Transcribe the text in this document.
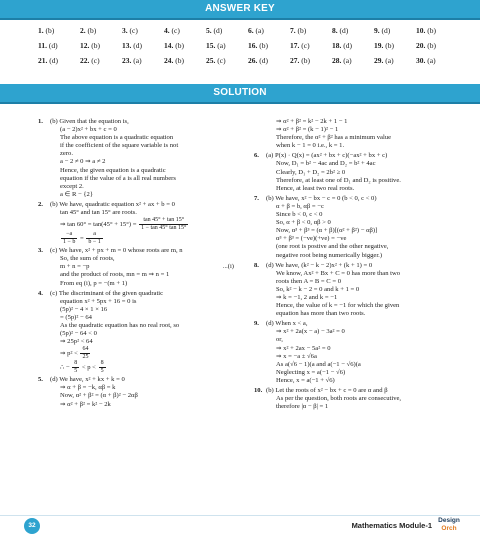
ANSWER KEY
1. (b)	2. (b)	3. (c)	4. (c)	5. (d)	6. (a)	7. (b)	8. (d)	9. (d)	10. (b)
11. (d)	12. (b)	13. (d)	14. (b)	15. (a)	16. (b)	17. (c)	18. (d)	19. (b)	20. (b)
21. (d)	22. (c)	23. (a)	24. (b)	25. (c)	26. (d)	27. (b)	28. (a)	29. (a)	30. (a)
SOLUTION
1. (b) Given that the equation is,
(a − 2)x² + bx + c = 0
The above equation is a quadratic equation
if the coefficient of the square variable is not
zero.
a − 2 ≠ 0 ⇒ a ≠ 2
Hence, the given equation is a quadratic
equation if the value of a is all real numbers
except 2.
a ∈ R − {2}
2. (b) We have, quadratic equation x² + ax + b = 0
tan 45° and tan 15° are roots.
⇒ $\tan 60^\circ = \tan(45^\circ + 15^\circ) = \frac{\tan 45^\circ + \tan 15^\circ}{1 - \tan 45^\circ \tan 15^\circ}$
$\frac{-a}{1 - b} = \frac{a}{b - 1}$
3. (c) We have, x² + px + m = 0 whose roots are m, n
So, the sum of roots,
m + n = −p	...(i)
and the product of roots, mn = m ⇒ n = 1
From eq (i), p = −(m + 1)
4. (c) The discriminant of the given quadratic
equation x² + 5px + 16 = 0 is
(5p)² − 4 × 1 × 16
= (5p)² − 64
As the quadratic equation has no real root, so
(5p)² − 64 < 0
⇒ 25p² < 64
⇒ $p^2 < \frac{64}{25}$
∴ − $\frac{8}{5} < p < \frac{8}{5}$
5. (d) We have, x² + kx + k = 0
⇒ α + β = −k, αβ = k
Now, α² + β² = (α + β)² − 2αβ
⇒ α² + β² = k² − 2k
⇒ α² + β² = k² − 2k + 1 − 1
⇒ α² + β² = (k − 1)² − 1
Therefore, the α² + β² has a minimum value
when k − 1 = 0 i.e., k = 1.
6. (a) P(x) · Q(x) = (ax² + bx + c)(−ax² + bx + c)
Now, D₁ = b² − 4ac and D₂ = b² + 4ac
Clearly, D₁ + D₂ = 2b² ≥ 0
Therefore, at least one of D₁ and D₂ is positive.
Hence, at least two real roots.
7. (b) We have, x² − bx − c = 0 (b < 0, c < 0)
α + β = b, αβ = −c
Since b < 0, c < 0
So, α + β < 0, αβ > 0
Now, α³ + β³ = (α + β)[(α² + β²) − αβ)]
α³ + β³ = (−ve)(+ve) = −ve
(one root is postive and the other negative,
negative root being numerically bigger.)
8. (d) We have, (k² − k − 2)x² + (k + 1) = 0
We know, Ax² + Bx + C = 0 has more than two
roots then A = B = C = 0
So, k² − k − 2 = 0 and k + 1 = 0
⇒ k = −1, 2 and k = −1
Hence, the value of k = −1 for which the given
equation has more than two roots.
9. (d) When x < a,
⇒ x² + 2a(x − a) − 3a² = 0
or,
⇒ x² + 2ax − 5a² = 0
⇒ x = −a ± √6a
As a(√6 − 1)(a and a(−1 − √6)(a
Neglecting x = a(−1 − √6)
Hence, x = a(−1 + √6)
10. (b) Let the roots of x² − bx + c = 0 are α and β
As per the question, both roots are consecutive,
therefore |α − β| = 1
32	Mathematics Module-1
Design
Orch
